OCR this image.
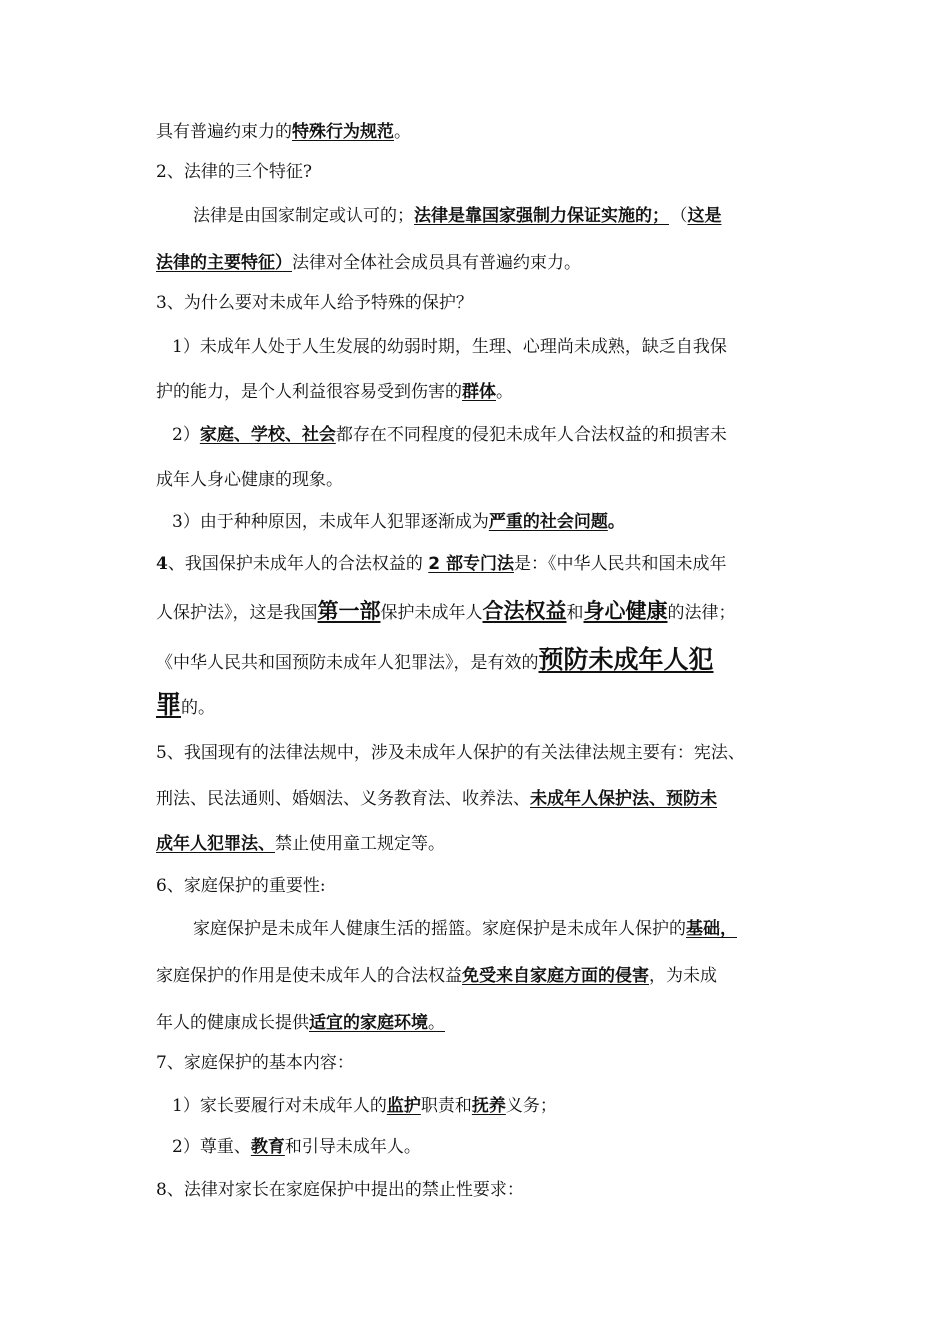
具有普遍约束力的特殊行为规范。
2、法律的三个特征?
法律是由国家制定或认可的；法律是靠国家强制力保证实施的； （这是
法律的主要特征）法律对全体社会成员具有普遍约束力。
3、为什么要对未成年人给予特殊的保护？
1）未成年人处于人生发展的幼弱时期，生理、心理尚未成熟，缺乏自我保
护的能力，是个人利益很容易受到伤害的群体。
2）家庭、学校、社会都存在不同程度的侵犯未成年人合法权益的和损害未
成年人身心健康的现象。
3）由于种种原因，未成年人犯罪逐渐成为严重的社会问题。
4、我国保护未成年人的合法权益的 2 部专门法是：《中华人民共和国未成年
人保护法》，这是我国第一部保护未成年人合法权益和身心健康的法律；
《中华人民共和国预防未成年人犯罪法》，是有效的预防未成年人犯
罪的。
5、我国现有的法律法规中，涉及未成年人保护的有关法律法规主要有：宪法、
刑法、民法通则、婚姻法、义务教育法、收养法、未成年人保护法、预防未
成年人犯罪法、禁止使用童工规定等。
6、家庭保护的重要性:
家庭保护是未成年人健康生活的摇篮。家庭保护是未成年人保护的基础，
家庭保护的作用是使未成年人的合法权益免受来自家庭方面的侵害，为未成
年人的健康成长提供适宜的家庭环境。
7、家庭保护的基本内容：
1）家长要履行对未成年人的监护职责和抚养义务；
2）尊重、教育和引导未成年人。
8、法律对家长在家庭保护中提出的禁止性要求：
